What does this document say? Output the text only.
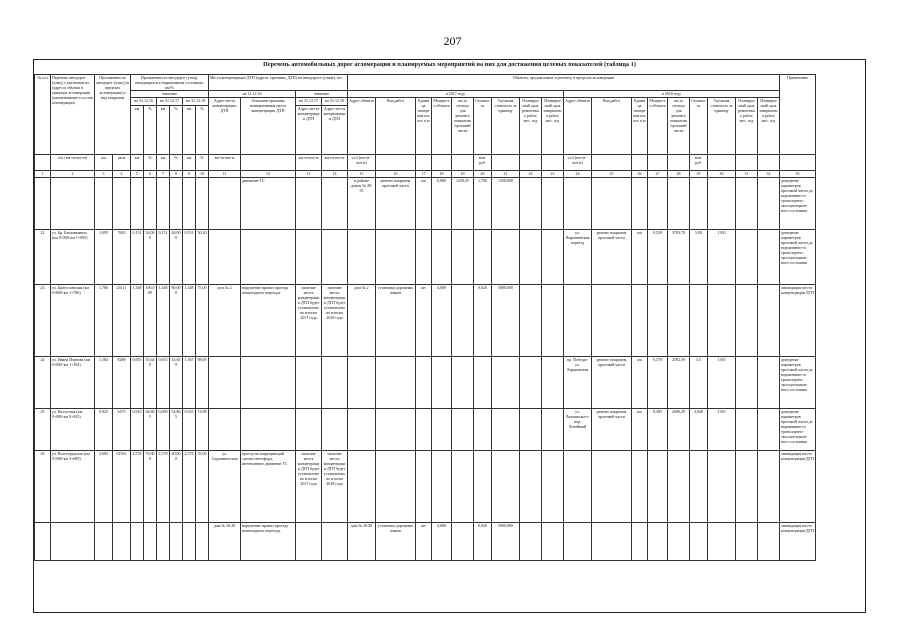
207
Перечень автомобильных дорог агломерации и планируемых мероприятий на них для достижения целевых показателей (таблица 1)
№ п/п	Перечень автодорог (улиц) с указанием их (адреса) объекта в границах агломерации (наименование и состав агломерации)	Протяженность автодорог (улиц) (в пределах агломерации) и вид покрытия		Протяженность автодорог (улиц), находящихся в нормативном состоянии, км/%						Места концентрации ДТП (адреса, причины, ДТП) на автодороге (улице), шт				Объекты, предлагаемые к ремонту, в пределах агломерации																		Примечание
				значение						на 31.12.16		значение		в 2017 году									в 2018 году									
				на 31.12.16		на 31.12.17		на 31.12.18		Адрес места концентрации ДТП	Описание причины возникновения места концентрации ДТП	на 31.12.17	на 31.12.18	Адрес объекта	Вид работ	Единица измерения км, шт, п.м	Мощность объекта	км за столько для ремонта покрытия проезжей части	Стоимость	Удельная стоимость за единицу	Планируемый срок ремонтных работ, мес. год	Планируемый срок завершения работ, мес. год	Адрес объекта	Вид работ	Единица измерения км, шт, п.м	Мощность объекта	км за столько для ремонта покрытия проезжей части	Стоимость	Удельная стоимость за единицу	Планируемый срок ремонтных работ, мес. год	Планируемый срок завершения работ, мес. год	
				км	%	км	%	км	%			Адрес места концентрации ДТП	Адрес места концентрации ДТП																			
	п/п (км+м-км+м)	км	кв.м	км	%	км	%	км	%	км+м-км+м		км+м-км+м	км+м-км+м	п/п (км+м-км+м)					млн. руб.				п/п (км+м-км+м)					млн. руб.				
1	2	3	4	5	6	7	8	9	10	11	12	13	14	15	16	17	18	19	20	21	22	23	24	25	26	27	28	29	30	31	32	33
											движение ТС			в районе домов № 49-55	ремонт покрытия проезжей части	км	0,880	1259,25	1,700	1350,000												доведение параметров проезжей части до нормативно-го транспортно-эксплуатацион-ного состояния
22	ул. Бр. Бакланкиных (км 0+000-км 1+095)	1,095	7665	0,151	54,000	0,151	46,000	0,551	50,20														ул. Пиронеевская переезд	ремонт покрытия проезжей части	км	0,529	3703,70	5,00	1350			доведение параметров проезжей части до нормативно-го транспортно-эксплуатацион-ного состояния
23	ул. Братославская (км 0+000-км 1+786)	1,786	24111	1,348	100,000	1,348	80,000	1,348	75,00	дом № 2	нарушение правил проезда пешеходного перехода	наличие места концентрации ДТП будет установлено по итогам 2017 года	наличие места концентрации ДТП будет установлено по итогам 2018 года	дом № 2	установка дорожных знаков	шт	4,000		0,020	5000,000												ликвидация места концентрации ДТП
24	ул. Ивана Первова (км 0+000-км 1+184)	1,184	8288	0,655	55,640	0,655	43,659	1,567	98,69														пр. Победы-ул. Харьковская	ремонт покрытия проезжей части	км	0,370	2592,59	3,5	1350			доведение параметров проезжей части до нормативно-го транспортно-эксплуатацион-ного состояния
25	ул. Колхозная (км 0+000-км 0+925)	0,925	6475	0,610	64,865	0,600	54,865	0,925	74,98														ул. Лятошкского-пер. Литейный	ремонт покрытия проезжей части	км	0,385	2696,29	3,640	1350			доведение параметров проезжей части до нормативно-го транспортно-эксплуатацион-ного состояния
26	ул. Волгоградская (км 0+000-км 3+683)	3,683	61591	2,578	70,000	2,578	60,000	2,578	55,00	ул. Садовническая	проезд на запрещающий сигнал светофора, интенсивное движение ТС	наличие места концентрации ДТП будет установлено по итогам 2017 года	наличие места концентрации ДТП будет установлено по итогам 2018 года																			ликвидация места концентрации ДТП
										дом № 26-28	нарушение правил проезда пешеходного перехода			дом № 26-28	установка дорожных знаков	шт	4,000		0,020	5000,000												ликвидация места концентрации ДТП
